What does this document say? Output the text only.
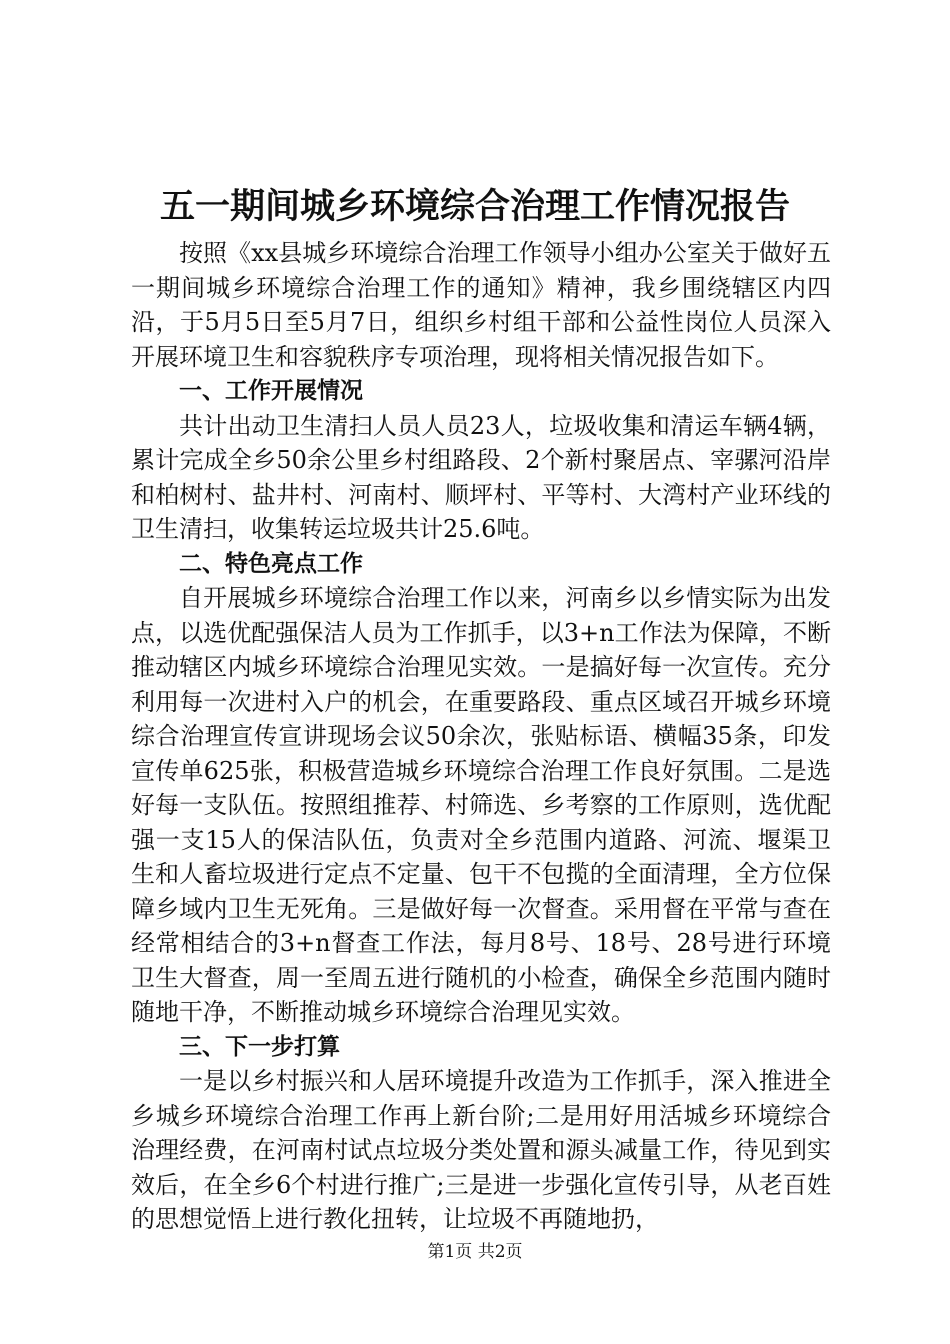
五一期间城乡环境综合治理工作情况报告

按照《xx县城乡环境综合治理工作领导小组办公室关于做好五一期间城乡环境综合治理工作的通知》精神，我乡围绕辖区内四沿，于5月5日至5月7日，组织乡村组干部和公益性岗位人员深入开展环境卫生和容貌秩序专项治理，现将相关情况报告如下。

一、工作开展情况

共计出动卫生清扫人员人员23人，垃圾收集和清运车辆4辆，累计完成全乡50余公里乡村组路段、2个新村聚居点、宰骡河沿岸和柏树村、盐井村、河南村、顺坪村、平等村、大湾村产业环线的卫生清扫，收集转运垃圾共计25.6吨。

二、特色亮点工作

自开展城乡环境综合治理工作以来，河南乡以乡情实际为出发点，以选优配强保洁人员为工作抓手，以3+n工作法为保障，不断推动辖区内城乡环境综合治理见实效。一是搞好每一次宣传。充分利用每一次进村入户的机会，在重要路段、重点区域召开城乡环境综合治理宣传宣讲现场会议50余次，张贴标语、横幅35条，印发宣传单625张，积极营造城乡环境综合治理工作良好氛围。二是选好每一支队伍。按照组推荐、村筛选、乡考察的工作原则，选优配强一支15人的保洁队伍，负责对全乡范围内道路、河流、堰渠卫生和人畜垃圾进行定点不定量、包干不包揽的全面清理，全方位保障乡域内卫生无死角。三是做好每一次督查。采用督在平常与查在经常相结合的3+n督查工作法，每月8号、18号、28号进行环境卫生大督查，周一至周五进行随机的小检查，确保全乡范围内随时随地干净，不断推动城乡环境综合治理见实效。

三、下一步打算

一是以乡村振兴和人居环境提升改造为工作抓手，深入推进全乡城乡环境综合治理工作再上新台阶;二是用好用活城乡环境综合治理经费，在河南村试点垃圾分类处置和源头减量工作，待见到实效后，在全乡6个村进行推广;三是进一步强化宣传引导，从老百姓的思想觉悟上进行教化扭转，让垃圾不再随地扔，

第1页 共2页
